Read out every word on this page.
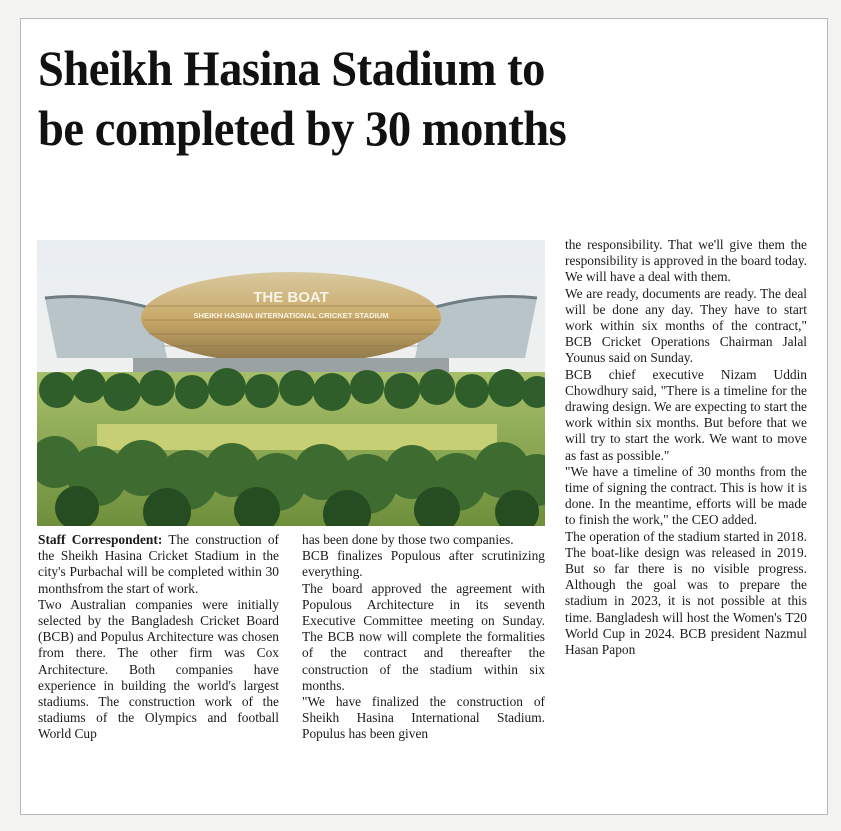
Sheikh Hasina Stadium to
be completed by 30 months
THE BOAT
SHEIKH HASINA INTERNATIONAL CRICKET STADIUM

Staff Correspondent: The construction of the Sheikh Hasina Cricket Stadium in the city's Purbachal will be completed within 30 monthsfrom the start of work.

Two Australian companies were initially selected by the Bangladesh Cricket Board (BCB) and Populus Architecture was chosen from there. The other firm was Cox Architecture. Both companies have experience in building the world's largest stadiums. The construction work of the stadiums of the Olympics and football World Cup

has been done by those two companies.

BCB finalizes Populous after scrutinizing everything.

The board approved the agreement with Populous Architecture in its seventh Executive Committee meeting on Sunday. The BCB now will complete the formalities of the contract and thereafter the construction of the stadium within six months.

"We have finalized the construction of Sheikh Hasina International Stadium. Populus has been given

the responsibility. That we'll give them the responsibility is approved in the board today. We will have a deal with them.

We are ready, documents are ready. The deal will be done any day. They have to start work within six months of the contract," BCB Cricket Operations Chairman Jalal Younus said on Sunday.

BCB chief executive Nizam Uddin Chowdhury said, "There is a timeline for the drawing design. We are expecting to start the work within six months. But before that we will try to start the work. We want to move as fast as possible."

"We have a timeline of 30 months from the time of signing the contract. This is how it is done. In the meantime, efforts will be made to finish the work," the CEO added.

The operation of the stadium started in 2018. The boat-like design was released in 2019. But so far there is no visible progress. Although the goal was to prepare the stadium in 2023, it is not possible at this time. Bangladesh will host the Women's T20 World Cup in 2024. BCB president Nazmul Hasan Papon
